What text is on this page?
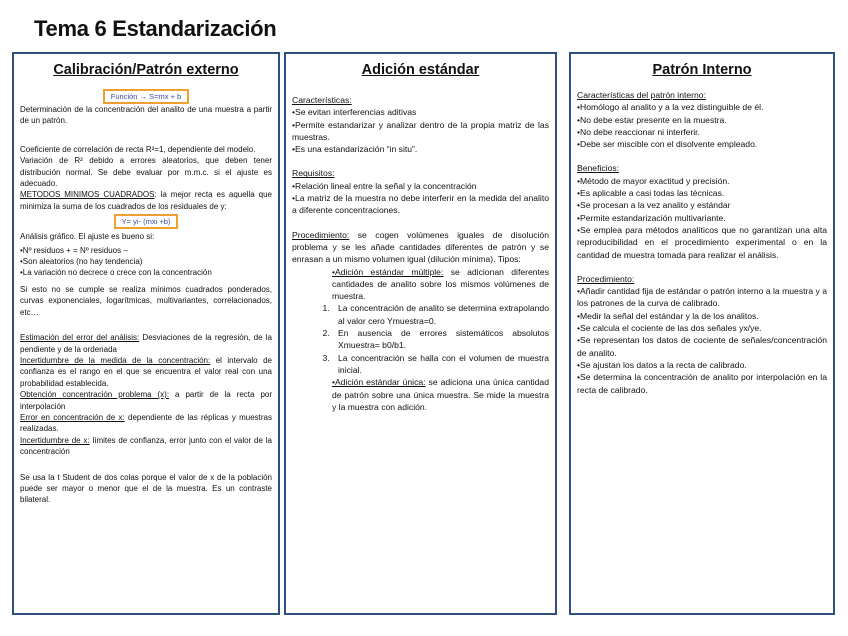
Tema 6 Estandarización
Calibración/Patrón externo
Función → S=mx + b

Determinación de la concentración del analito de una muestra a partir de un patrón.

Coeficiente de correlación de recta R²=1, dependiente del modelo.

Variación de R² debido a errores aleatorios, que deben tener distribución normal. Se debe evaluar por m.m.c. si el ajuste es adecuado.

METODOS MINIMOS CUADRADOS: la mejor recta es aquella que minimiza la suma de los cuadrados de los residuales de y:

Y= yi- (mxi +b)

Análisis gráfico. El ajuste es bueno si:

•Nº residuos + = Nº residuos –

•Son aleatorios (no hay tendencia)

•La variación no decrece o crece con la concentración

Si esto no se cumple se realiza mínimos cuadrados ponderados, curvas exponenciales, logarítmicas, multivariantes, correlacionados, etc…

Estimación del error del análisis: Desviaciones de la regresión, de la pendiente y de la ordenada

Incertidumbre de la medida de la concentración: el intervalo de confianza es el rango en el que se encuentra el valor real con una probabilidad establecida.

Obtención concentración problema (x): a partir de la recta por interpolación

Error en concentración de x: dependiente de las réplicas y muestras realizadas.

Incertidumbre de x: límites de confianza, error junto con el valor de la concentración

Se usa la t Student de dos colas porque el valor de x de la población puede ser mayor o menor que el de la muestra. Es un contraste bilateral.

Adición estándar

Características:

•Se evitan interferencias aditivas

•Permite estandarizar y analizar dentro de la propia matriz de las muestras.

•Es una estandarización “in situ”.

Requisitos:

•Relación lineal entre la señal y la concentración

•La matriz de la muestra no debe interferir en la medida del analito a diferente concentraciones.

Procedimiento: se cogen volúmenes iguales de disolución problema y se les añade cantidades diferentes de patrón y se enrasan a un mismo volumen igual (dilución mínima). Tipos:

•Adición estándar múltiple: se adicionan diferentes cantidades de analito sobre los mismos volúmenes de muestra.

1. La concentración de analito se determina extrapolando al valor cero Ymuestra=0.
2. En ausencia de errores sistemáticos absolutos Xmuestra= b0/b1.
3. La concentración se halla con el volumen de muestra inicial.

•Adición estándar única: se adiciona una única cantidad de patrón sobre una única muestra. Se mide la muestra y la muestra con adición.

Patrón Interno

Características del patrón interno:

•Homólogo al analito y a la vez distinguible de él.

•No debe estar presente en la muestra.

•No debe reaccionar ni interferir.

•Debe ser miscible con el disolvente empleado.

Beneficios:

•Método de mayor exactitud y precisión.

•Es aplicable a casi todas las técnicas.

•Se procesan a la vez analito y estándar

•Permite estandarización multivariante.

•Se emplea para métodos analíticos que no garantizan una alta reproducibilidad en el procedimiento experimental o en la cantidad de muestra tomada para realizar el análisis.

Procedimiento:

•Añadir cantidad fija de estándar o patrón interno a la muestra y a los patrones de la curva de calibrado.

•Medir la señal del estándar y la de los analitos.

•Se calcula el cociente de las dos señales yx/ye.

•Se representan los datos de cociente de señales/concentración de analito.

•Se ajustan los datos a la recta de calibrado.

•Se determina la concentración de analito por interpolación en la recta de calibrado.
